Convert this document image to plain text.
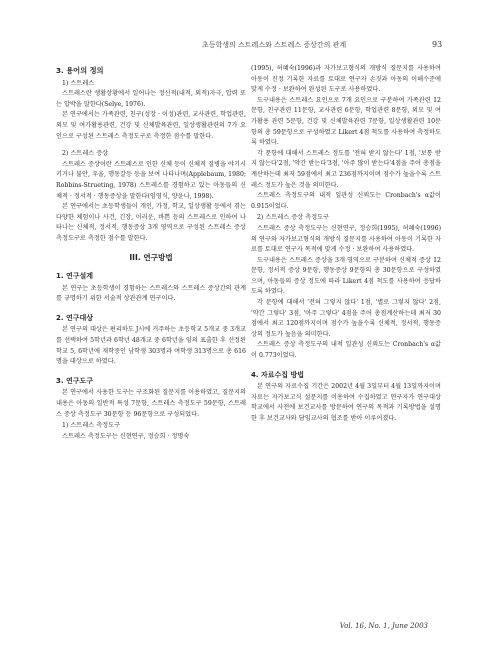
초등학생의 스트레스와 스트레스 증상간의 관계	93
3. 용어의 정의

1) 스트레스

스트레스란 생활상황에서 일어나는 정신적(내적, 외적)자극, 압력 또는 압박을 말한다(Selye, 1976).

본 연구에서는 가족관련, 친구(성장 · 이성)관련, 교사관련, 학업관련, 외모 및 여가활용관련, 건강 및 신체발육관련, 일상생활관련의 7가 요인으로 구성된 스트레스 측정도구로 측정한 점수를 말한다.

2) 스트레스 증상

스트레스 증상이란 스트레스로 인한 신체 등이 신체적 질병을 야기시키거나 불안, 우울, 행동갈등 등을 보여 나타나며(Applebaum, 1980; Robbins-Strueting, 1978) 스트레스를 경험하고 있는 아동들의 신체적 · 정서적 · 행동증상을 말한다(임영식, 양윤나, 1998).

본 연구에서는 초등학생들이 개인, 가정, 학교, 일상생활 등에서 겪는 다양한 체험이나 사건, 긴장, 이러운, 바쁜 등의 스트레스로 인하여 나타나는 신체적, 정서적, 행동증상 3개 영역으로 구성된 스트레스 증상 측정도구로 측정한 점수를 말한다.

III. 연구방법
1. 연구설계

본 연구는 초등학생이 경험하는 스트레스와 스트레스 증상간의 관계를 규명하기 위한 서술적 상관관계 연구이다.

2. 연구대상

본 연구의 대상은 편리하도 J시에 거주하는 초등학교 5개교 중 3개교를 선택하여 5학년과 6학년 48개교 중 6학년을 임의 표출한 후 선정된 학교 5, 6학년에 재학중인 남학생 303명과 여학생 313명으로 총 616명을 대상으로 하였다.

3. 연구도구

본 연구에서 사용한 도구는 구조화된 질문지를 이용하였고, 질문지의 내용은 아동의 일반적 특성 7문항, 스트레스 측정도구 59문항, 스트레스 증상 측정도구 30문항 등 96문항으로 구성되었다.

1) 스트레스 측정도구

스트레스 측정도구는 신현연구, 정승희 · 정명숙

(1995), 허혜숙(1996)과 자가보고형식의 개방식 질문지를 사용하여 아동이 진정 기록한 자료를 토대로 연구자 손짓과 아동의 이해수준에 맞게 수정 · 보완하여 완성된 도구로 사용하였다.

도구내용은 스트레스 요인으로 7개 요인으로 구분하여 가족관련 12문항, 친구관련 11문항, 교사관련 6문항, 학업관련 8문항, 외모 및 여가활용 관련 5문항, 건강 및 신체발육관련 7문항, 일상생활관련 10문항의 총 59문항으로 구성하였고 Likert 4점 척도를 사용하여 측정하도록 하였다.

각 문항에 대해서 스트레스 정도를 '전혀 받지 않는다' 1점, '보통 받지 않는다'2점, '약간 받는다'3점, '아주 많이 받는다'4점을 주어 총점을 계산하는데 최저 59점에서 최고 236점까지이며 점수가 높을수록 스트레스 정도가 높은 것을 의미한다.

스트레스 측정도구의 내적 일관성 신뢰도는 Cronbach's α값이 0.915이었다.

2) 스트레스 증상 측정도구

스트레스 증상 측정도구는 신현연구, 정승희(1995), 허혜숙(1996)의 연구와 자가보고형식의 개방식 질문지를 사용하여 아동이 기록한 자료를 토대로 연구자 목적에 맞게 수정 · 보완하여 사용하였다.

도구내용은 스트레스 증상을 3개 영역으로 구분하여 신체적 증상 12문항, 정서적 증상 9문항, 행동증상 9문항의 총 30문항으로 구성하였으며, 아동들의 증상 정도에 따라 Likert 4점 척도를 사용하여 응답하도록 하였다.

각 문항에 대해서 '전혀 그렇지 않다' 1점, '별로 그렇지 않다' 2점, '약간 그렇다' 3점, '아주 그렇다' 4점을 주어 총점계산하는데 최저 30점에서 최고 120점까지이며 점수가 높을수록 신체적, 정서적, 행동증상의 정도가 높음을 의미한다.

스트레스 증상 측정도구의 내적 일관성 신뢰도는 Cronbach's α값이 0.773이었다.

4. 자료수집 방법

본 연구의 자료수집 기간은 2002년 4월 3일부터 4월 13일까지이며 자료는 자가보고식 설문지를 이용하여 수집하였고 연구자가 연구대상 학교에서 사전에 보건교사를 방문하여 연구의 목적과 기록방법을 설명한 후 보건교사와 담임교사의 협조를 받아 이루어졌다.

Vol. 16, No. 1, June 2003
